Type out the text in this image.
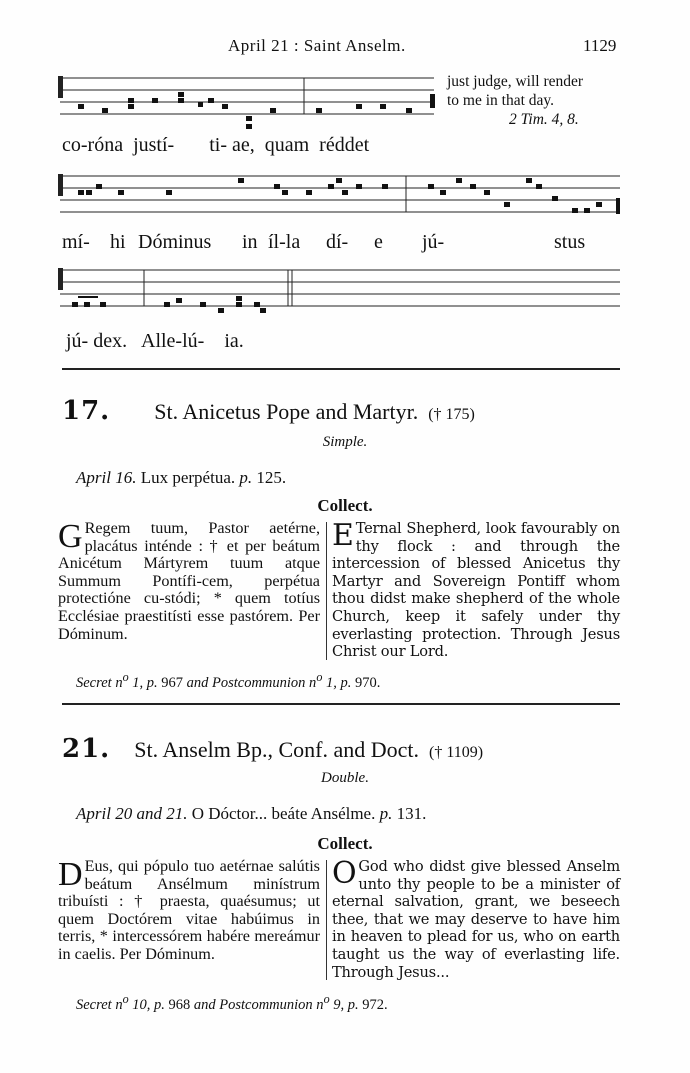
April 21 : Saint Anselm.	1129
co-róna justí- ti- ae, quam réddet
just judge, will render
to me in that day.
2 Tim. 4, 8.
mí- hi Dóminus in íl-la dí- e jú-	stus
jú- dex. Alle-lú- ia.
17. St. Anicetus Pope and Martyr. († 175)
Simple.
April 16. Lux perpétua. p. 125.
Collect.
G Regem tuum, Pastor aetérne, placátus inténde : † et per beátum Anicétum Mártyrem tuum atque Summum Pontífi-cem, perpétua protectióne cu-stódi; * quem totíus Ecclésiae praestitísti esse pastórem. Per Dóminum.
E Ternal Shepherd, look favourably on thy flock : and through the intercession of blessed Anicetus thy Martyr and Sovereign Pontiff whom thou didst make shepherd of the whole Church, keep it safely under thy everlasting protection. Through Jesus Christ our Lord.
Secret $n^o$ 1, p. 967 and Postcommunion $n^o$ 1, p. 970.
21. St. Anselm Bp., Conf. and Doct. († 1109)
Double.
April 20 and 21. O Dóctor... beáte Ansélme. p. 131.
Collect.
D Eus, qui pópulo tuo aetérnae salútis beátum Ansélmum minístrum tribuísti : † praesta, quaésumus; ut quem Doctórem vitae habúimus in terris, * intercessórem habére mereámur in caelis. Per Dóminum.
O God who didst give blessed Anselm unto thy people to be a minister of eternal salvation, grant, we beseech thee, that we may deserve to have him in heaven to plead for us, who on earth taught us the way of everlasting life. Through Jesus...
Secret $n^o$ 10, p. 968 and Postcommunion $n^o$ 9, p. 972.
